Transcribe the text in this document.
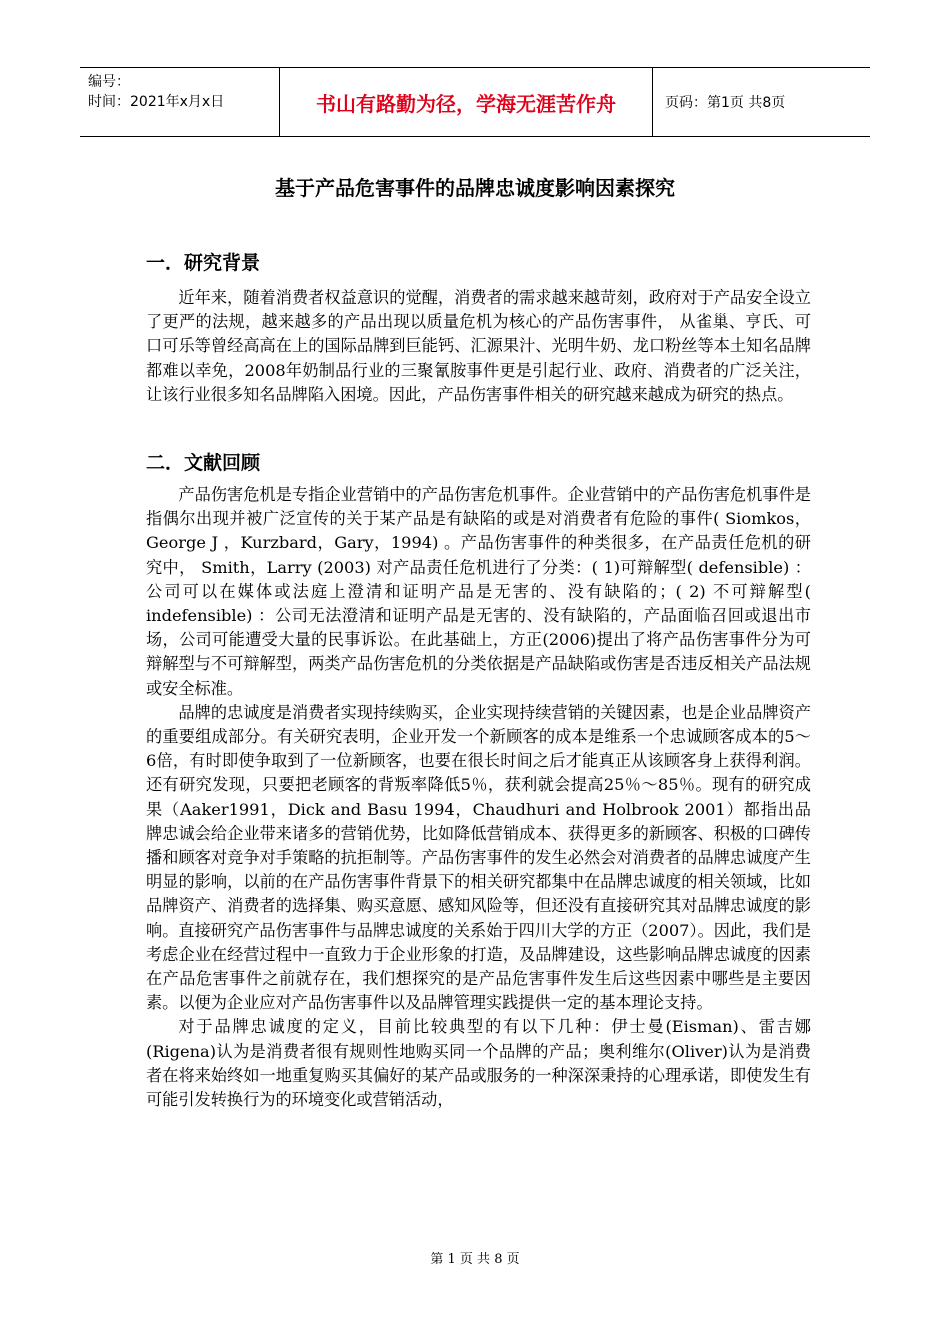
编号：
时间：2021年x月x日	书山有路勤为径，学海无涯苦作舟	页码：第1页 共8页
基于产品危害事件的品牌忠诚度影响因素探究
一．研究背景

近年来，随着消费者权益意识的觉醒，消费者的需求越来越苛刻，政府对于产品安全设立了更严的法规，越来越多的产品出现以质量危机为核心的产品伤害事件， 从雀巢、亨氏、可口可乐等曾经高高在上的国际品牌到巨能钙、汇源果汁、光明牛奶、龙口粉丝等本土知名品牌都难以幸免，2008年奶制品行业的三聚氰胺事件更是引起行业、政府、消费者的广泛关注，让该行业很多知名品牌陷入困境。因此，产品伤害事件相关的研究越来越成为研究的热点。

二．文献回顾

产品伤害危机是专指企业营销中的产品伤害危机事件。企业营销中的产品伤害危机事件是指偶尔出现并被广泛宣传的关于某产品是有缺陷的或是对消费者有危险的事件( Siomkos，George J ，Kurzbard，Gary，1994) 。产品伤害事件的种类很多，在产品责任危机的研究中， Smith，Larry (2003) 对产品责任危机进行了分类：( 1)可辩解型( defensible) ： 公司可以在媒体或法庭上澄清和证明产品是无害的、没有缺陷的；( 2) 不可辩解型( indefensible) ：公司无法澄清和证明产品是无害的、没有缺陷的，产品面临召回或退出市场，公司可能遭受大量的民事诉讼。在此基础上，方正(2006)提出了将产品伤害事件分为可辩解型与不可辩解型，两类产品伤害危机的分类依据是产品缺陷或伤害是否违反相关产品法规或安全标准。

品牌的忠诚度是消费者实现持续购买，企业实现持续营销的关键因素，也是企业品牌资产的重要组成部分。有关研究表明，企业开发一个新顾客的成本是维系一个忠诚顾客成本的5～6倍，有时即使争取到了一位新顾客，也要在很长时间之后才能真正从该顾客身上获得利润。还有研究发现，只要把老顾客的背叛率降低5％，获利就会提高25％～85％。现有的研究成果（Aaker1991，Dick and Basu 1994，Chaudhuri and Holbrook 2001）都指出品牌忠诚会给企业带来诸多的营销优势，比如降低营销成本、获得更多的新顾客、积极的口碑传播和顾客对竞争对手策略的抗拒制等。产品伤害事件的发生必然会对消费者的品牌忠诚度产生明显的影响，以前的在产品伤害事件背景下的相关研究都集中在品牌忠诚度的相关领域，比如品牌资产、消费者的选择集、购买意愿、感知风险等，但还没有直接研究其对品牌忠诚度的影响。直接研究产品伤害事件与品牌忠诚度的关系始于四川大学的方正（2007）。因此，我们是考虑企业在经营过程中一直致力于企业形象的打造，及品牌建设，这些影响品牌忠诚度的因素在产品危害事件之前就存在，我们想探究的是产品危害事件发生后这些因素中哪些是主要因素。以便为企业应对产品伤害事件以及品牌管理实践提供一定的基本理论支持。

对于品牌忠诚度的定义，目前比较典型的有以下几种：伊士曼(Eisman)、雷吉娜(Rigena)认为是消费者很有规则性地购买同一个品牌的产品；奥利维尔(Oliver)认为是消费者在将来始终如一地重复购买其偏好的某产品或服务的一种深深秉持的心理承诺，即使发生有可能引发转换行为的环境变化或营销活动，

第 1 页 共 8 页
